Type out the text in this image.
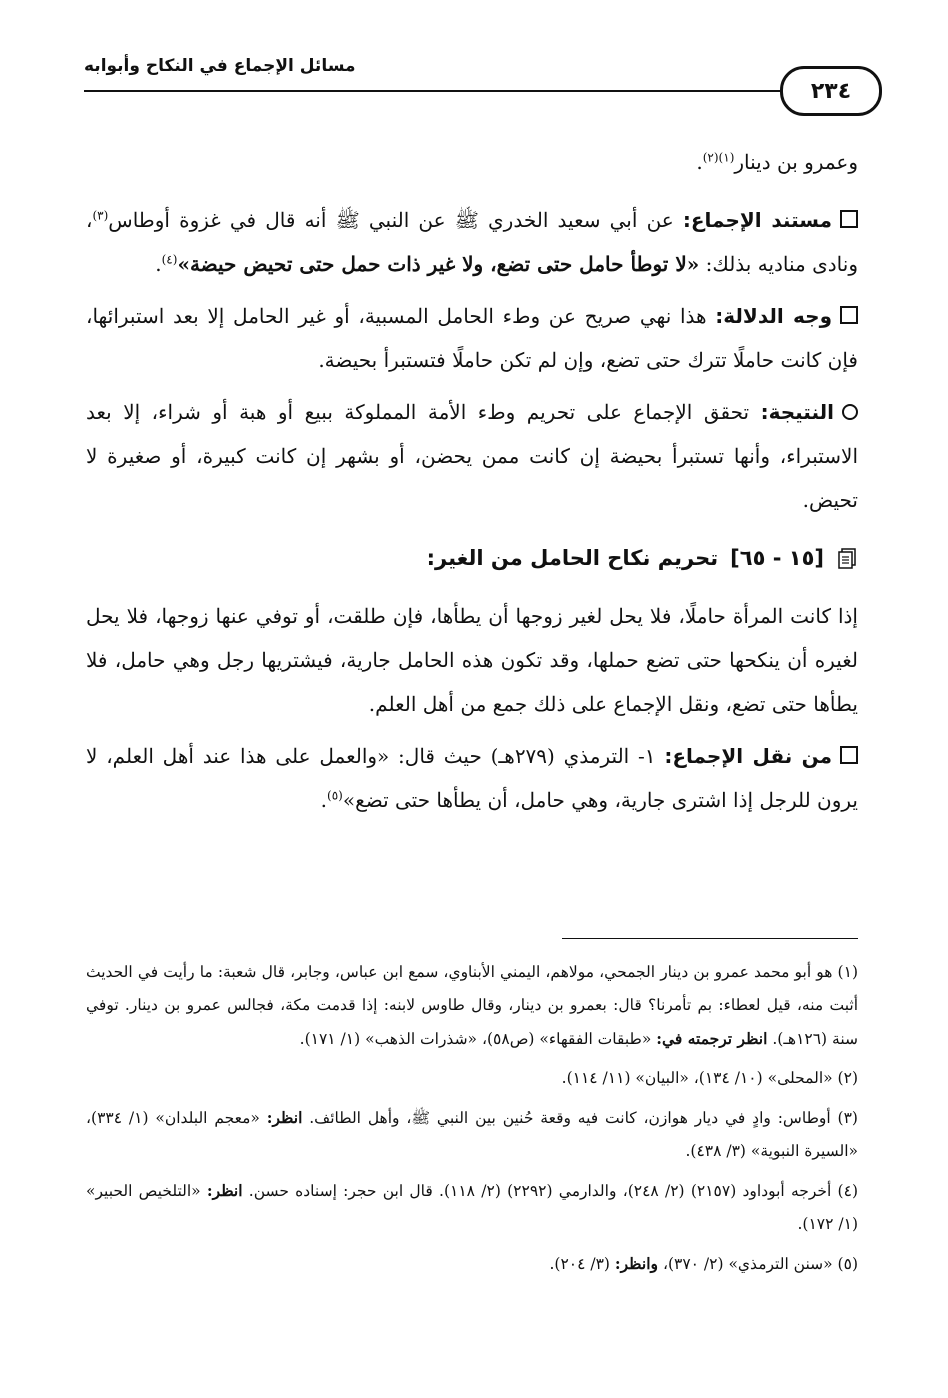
مسائل الإجماع في النكاح وأبوابه
٢٣٤

وعمرو بن دينار$^{(١)(٢)}$.

مستند الإجماع: عن أبي سعيد الخدري ﷺ عن النبي ﷺ أنه قال في غزوة أوطاس$^{(٣)}$، ونادى مناديه بذلك: «لا توطأ حامل حتى تضع، ولا غير ذات حمل حتى تحيض حيضة»$^{(٤)}$.

وجه الدلالة: هذا نهي صريح عن وطء الحامل المسبية، أو غير الحامل إلا بعد استبرائها، فإن كانت حاملًا تترك حتى تضع، وإن لم تكن حاملًا فتستبرأ بحيضة.

النتيجة: تحقق الإجماع على تحريم وطء الأمة المملوكة ببيع أو هبة أو شراء، إلا بعد الاستبراء، وأنها تستبرأ بحيضة إن كانت ممن يحضن، أو بشهر إن كانت كبيرة، أو صغيرة لا تحيض.

[١٥ - ٦٥]
تحريم نكاح الحامل من الغير:

إذا كانت المرأة حاملًا، فلا يحل لغير زوجها أن يطأها، فإن طلقت، أو توفي عنها زوجها، فلا يحل لغيره أن ينكحها حتى تضع حملها، وقد تكون هذه الحامل جارية، فيشتريها رجل وهي حامل، فلا يطأها حتى تضع، ونقل الإجماع على ذلك جمع من أهل العلم.

من نقل الإجماع: ١- الترمذي (٢٧٩هـ) حيث قال: «والعمل على هذا عند أهل العلم، لا يرون للرجل إذا اشترى جارية، وهي حامل، أن يطأها حتى تضع»$^{(٥)}$.

(١) هو أبو محمد عمرو بن دينار الجمحي، مولاهم، اليمني الأبناوي، سمع ابن عباس، وجابر، قال شعبة: ما رأيت في الحديث أثبت منه، قيل لعطاء: بم تأمرنا؟ قال: بعمرو بن دينار، وقال طاوس لابنه: إذا قدمت مكة، فجالس عمرو بن دينار. توفي سنة (١٢٦هـ). انظر ترجمته في: «طبقات الفقهاء» (ص٥٨)، «شذرات الذهب» (١/ ١٧١).

(٢) «المحلى» (١٠/ ١٣٤)، «البيان» (١١/ ١١٤).

(٣) أوطاس: وادٍ في ديار هوازن، كانت فيه وقعة حُنين بين النبي ﷺ، وأهل الطائف. انظر: «معجم البلدان» (١/ ٣٣٤)، «السيرة النبوية» (٣/ ٤٣٨).

(٤) أخرجه أبوداود (٢١٥٧) (٢/ ٢٤٨)، والدارمي (٢٢٩٢) (٢/ ١١٨). قال ابن حجر: إسناده حسن. انظر: «التلخيص الحبير» (١/ ١٧٢).

(٥) «سنن الترمذي» (٢/ ٣٧٠)، وانظر: (٣/ ٢٠٤).
